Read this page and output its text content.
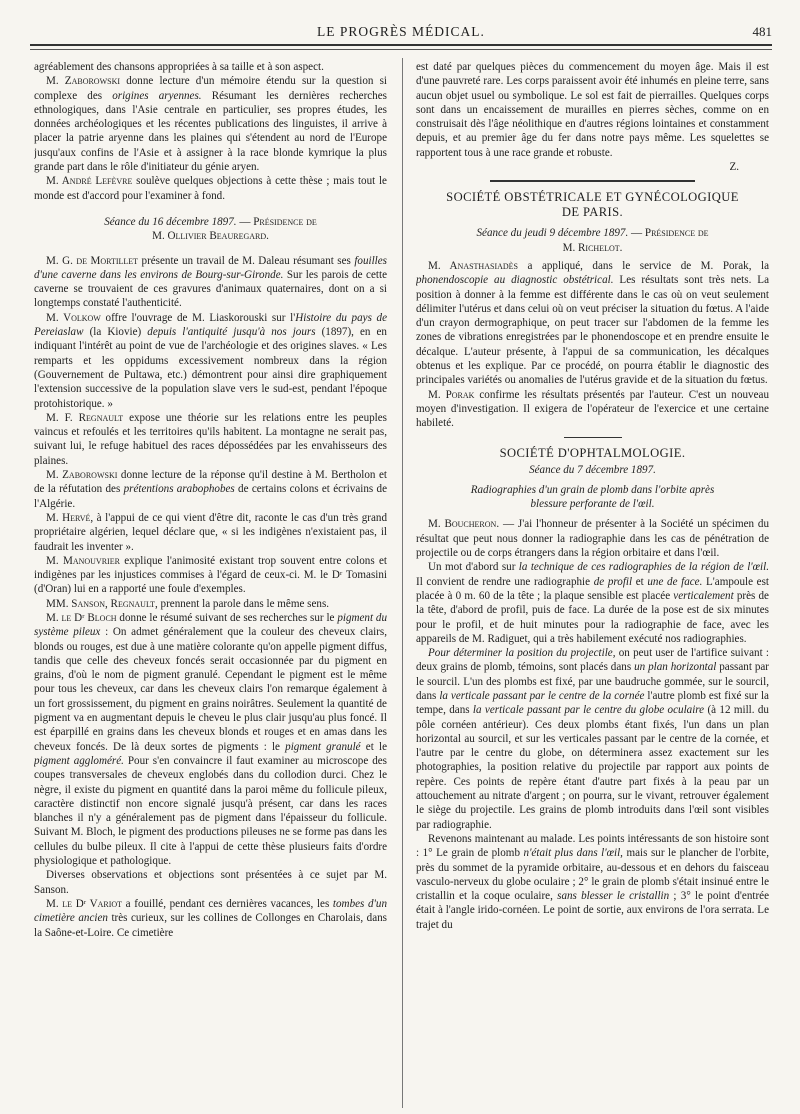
LE PROGRÈS MÉDICAL.	481

agréablement des chansons appropriées à sa taille et à son aspect.

M. Zaborowski donne lecture d'un mémoire étendu sur la question si complexe des origines aryennes. Résumant les dernières recherches ethnologiques, dans l'Asie centrale en particulier, ses propres études, les données archéologiques et les récentes publications des linguistes, il arrive à placer la patrie aryenne dans les plaines qui s'étendent au nord de l'Europe jusqu'aux confins de l'Asie et à assigner à la race blonde kymrique la plus grande part dans le rôle d'initiateur du génie aryen.

M. André Lefèvre soulève quelques objections à cette thèse ; mais tout le monde est d'accord pour l'examiner à fond.

Séance du 16 décembre 1897. — Présidence de
M. Ollivier Beauregard.

M. G. de Mortillet présente un travail de M. Daleau résumant ses fouilles d'une caverne dans les environs de Bourg-sur-Gironde. Sur les parois de cette caverne se trouvaient de ces gravures d'animaux quaternaires, dont on a si longtemps constaté l'authenticité.

M. Volkow offre l'ouvrage de M. Liaskorouski sur l'Histoire du pays de Pereiaslaw (la Kiovie) depuis l'antiquité jusqu'à nos jours (1897), en en indiquant l'intérêt au point de vue de l'archéologie et des origines slaves. « Les remparts et les oppidums excessivement nombreux dans la région (Gouvernement de Pultawa, etc.) démontrent pour ainsi dire graphiquement l'extension successive de la population slave vers le sud-est, pendant l'époque protohistorique. »

M. F. Regnault expose une théorie sur les relations entre les peuples vaincus et refoulés et les territoires qu'ils habitent. La montagne ne serait pas, suivant lui, le refuge habituel des races dépossédées par les envahisseurs des plaines.

M. Zaborowski donne lecture de la réponse qu'il destine à M. Bertholon et de la réfutation des prétentions arabophobes de certains colons et écrivains de l'Algérie.

M. Hervé, à l'appui de ce qui vient d'être dit, raconte le cas d'un très grand propriétaire algérien, lequel déclare que, « si les indigènes n'existaient pas, il faudrait les inventer ».

M. Manouvrier explique l'animosité existant trop souvent entre colons et indigènes par les injustices commises à l'égard de ceux-ci. M. le Dʳ Tomasini (d'Oran) lui en a rapporté une foule d'exemples.

MM. Sanson, Regnault, prennent la parole dans le même sens.

M. le Dʳ Bloch donne le résumé suivant de ses recherches sur le pigment du système pileux : On admet généralement que la couleur des cheveux clairs, blonds ou rouges, est due à une matière colorante qu'on appelle pigment diffus, tandis que celle des cheveux foncés serait occasionnée par du pigment en grains, d'où le nom de pigment granulé. Cependant le pigment est le même pour tous les cheveux, car dans les cheveux clairs l'on remarque également à un fort grossissement, du pigment en grains noirâtres. Seulement la quantité de pigment va en augmentant depuis le cheveu le plus clair jusqu'au plus foncé. Il est éparpillé en grains dans les cheveux blonds et rouges et en amas dans les cheveux foncés. De là deux sortes de pigments : le pigment granulé et le pigment aggloméré. Pour s'en convaincre il faut examiner au microscope des coupes transversales de cheveux englobés dans du collodion durci. Chez le nègre, il existe du pigment en quantité dans la paroi même du follicule pileux, caractère distinctif non encore signalé jusqu'à présent, car dans les races blanches il n'y a généralement pas de pigment dans l'épaisseur du follicule. Suivant M. Bloch, le pigment des productions pileuses ne se forme pas dans les cellules du bulbe pileux. Il cite à l'appui de cette thèse plusieurs faits d'ordre physiologique et pathologique.

Diverses observations et objections sont présentées à ce sujet par M. Sanson.

M. le Dʳ Variot a fouillé, pendant ces dernières vacances, les tombes d'un cimetière ancien très curieux, sur les collines de Collonges en Charolais, dans la Saône-et-Loire. Ce cimetière

est daté par quelques pièces du commencement du moyen âge. Mais il est d'une pauvreté rare. Les corps paraissent avoir été inhumés en pleine terre, sans aucun objet usuel ou symbolique. Le sol est fait de pierrailles. Quelques corps sont dans un encaissement de murailles en pierres sèches, comme on en construisait dès l'âge néolithique en d'autres régions lointaines et constamment depuis, et au premier âge du fer dans notre pays même. Les squelettes se rapportent tous à une race grande et robuste.

Z.
SOCIÉTÉ OBSTÉTRICALE ET GYNÉCOLOGIQUE
DE PARIS.
Séance du jeudi 9 décembre 1897. — Présidence de
M. Richelot.

M. Anasthasiadès a appliqué, dans le service de M. Porak, la phonendoscopie au diagnostic obstétrical. Les résultats sont très nets. La position à donner à la femme est différente dans le cas où on veut seulement délimiter l'utérus et dans celui où on veut préciser la situation du fœtus. A l'aide d'un crayon dermographique, on peut tracer sur l'abdomen de la femme les zones de vibrations enregistrées par le phonendoscope et en prendre ensuite le décalque. L'auteur présente, à l'appui de sa communication, les décalques obtenus et les explique. Par ce procédé, on pourra établir le diagnostic des principales variétés ou anomalies de l'utérus gravide et de la situation du fœtus.

M. Porak confirme les résultats présentés par l'auteur. C'est un nouveau moyen d'investigation. Il exigera de l'opérateur de l'exercice et une certaine habileté.

SOCIÉTÉ D'OPHTALMOLOGIE.
Séance du 7 décembre 1897.
Radiographies d'un grain de plomb dans l'orbite après
blessure perforante de l'œil.

M. Boucheron. — J'ai l'honneur de présenter à la Société un spécimen du résultat que peut nous donner la radiographie dans les cas de pénétration de projectile ou de corps étrangers dans la région orbitaire et dans l'œil.

Un mot d'abord sur la technique de ces radiographies de la région de l'œil. Il convient de rendre une radiographie de profil et une de face. L'ampoule est placée à 0 m. 60 de la tête ; la plaque sensible est placée verticalement près de la tête, d'abord de profil, puis de face. La durée de la pose est de six minutes pour le profil, et de huit minutes pour la radiographie de face, avec les appareils de M. Radiguet, qui a très habilement exécuté nos radiographies.

Pour déterminer la position du projectile, on peut user de l'artifice suivant : deux grains de plomb, témoins, sont placés dans un plan horizontal passant par le sourcil. L'un des plombs est fixé, par une baudruche gommée, sur le sourcil, dans la verticale passant par le centre de la cornée l'autre plomb est fixé sur la tempe, dans la verticale passant par le centre du globe oculaire (à 12 mill. du pôle cornéen antérieur). Ces deux plombs étant fixés, l'un dans un plan horizontal au sourcil, et sur les verticales passant par le centre de la cornée, et l'autre par le centre du globe, on déterminera assez exactement sur les photographies, la position relative du projectile par rapport aux points de repère. Ces points de repère étant d'autre part fixés à la peau par un attouchement au nitrate d'argent ; on pourra, sur le vivant, retrouver également le siège du projectile. Les grains de plomb introduits dans l'œil sont visibles par radiographie.

Revenons maintenant au malade. Les points intéressants de son histoire sont : 1° Le grain de plomb n'était plus dans l'œil, mais sur le plancher de l'orbite, près du sommet de la pyramide orbitaire, au-dessous et en dehors du faisceau vasculo-nerveux du globe oculaire ; 2° le grain de plomb s'était insinué entre le cristallin et la coque oculaire, sans blesser le cristallin ; 3° le point d'entrée était à l'angle irido-cornéen. Le point de sortie, aux environs de l'ora serrata. Le trajet du
